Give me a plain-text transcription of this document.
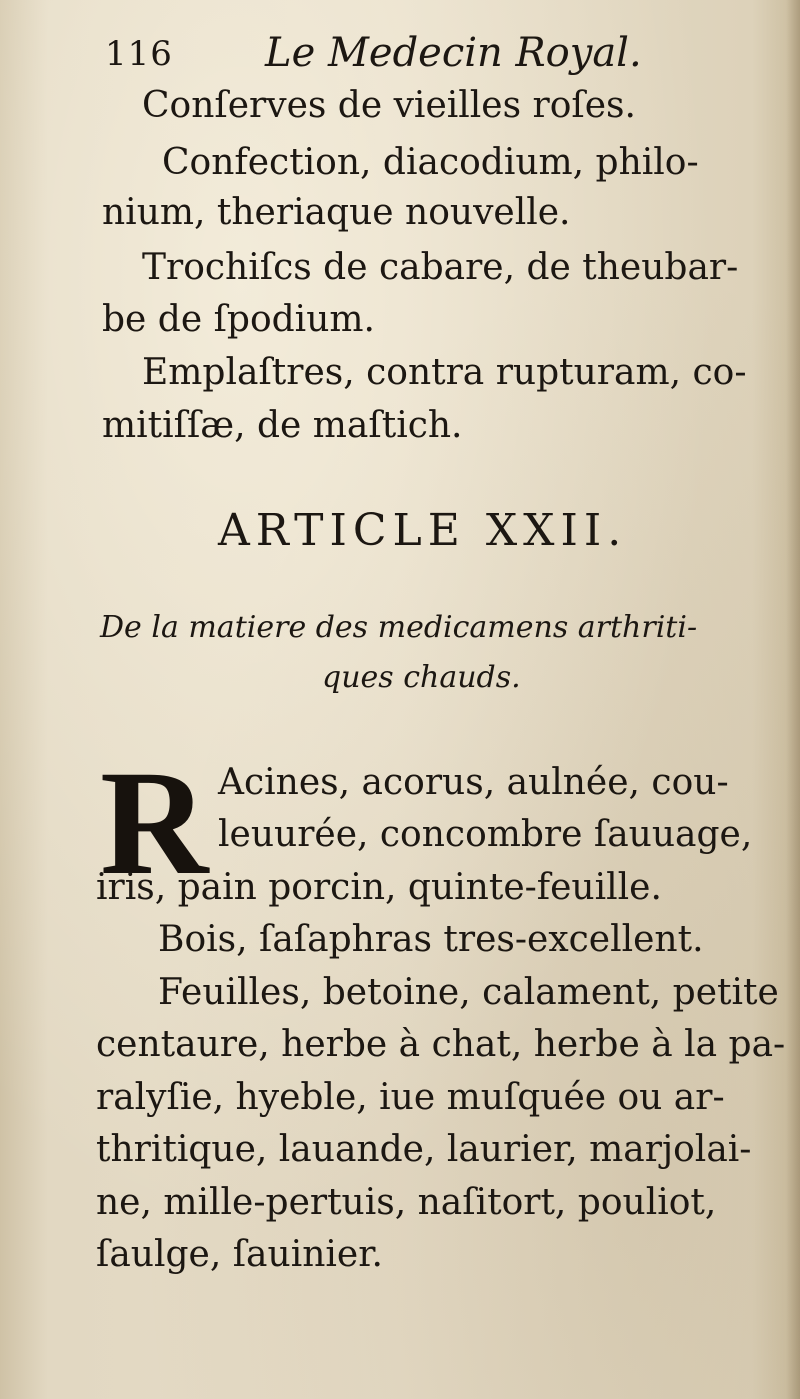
116 Le Medecin Royal.
Conſerves de vieilles roſes.
Confection, diacodium, philo-
nium, theriaque nouvelle.
Trochiſcs de cabare, de theubar-
be de ſpodium.
Emplaſtres, contra rupturam, co-
mitiſſæ, de maſtich.
ARTICLE XXII.
De la matiere des medicamens arthriti-
ques chauds.
R Acines, acorus, aulnée, cou-
leuurée, concombre ſauuage,
iris, pain porcin, quinte-feuille.
Bois, ſaſaphras tres-excellent.
Feuilles, betoine, calament, petite
centaure, herbe à chat, herbe à la pa-
ralyſie, hyeble, iue muſquée ou ar-
thritique, lauande, laurier, marjolai-
ne, mille-pertuis, naſitort, pouliot,
ſaulge, ſauinier.
